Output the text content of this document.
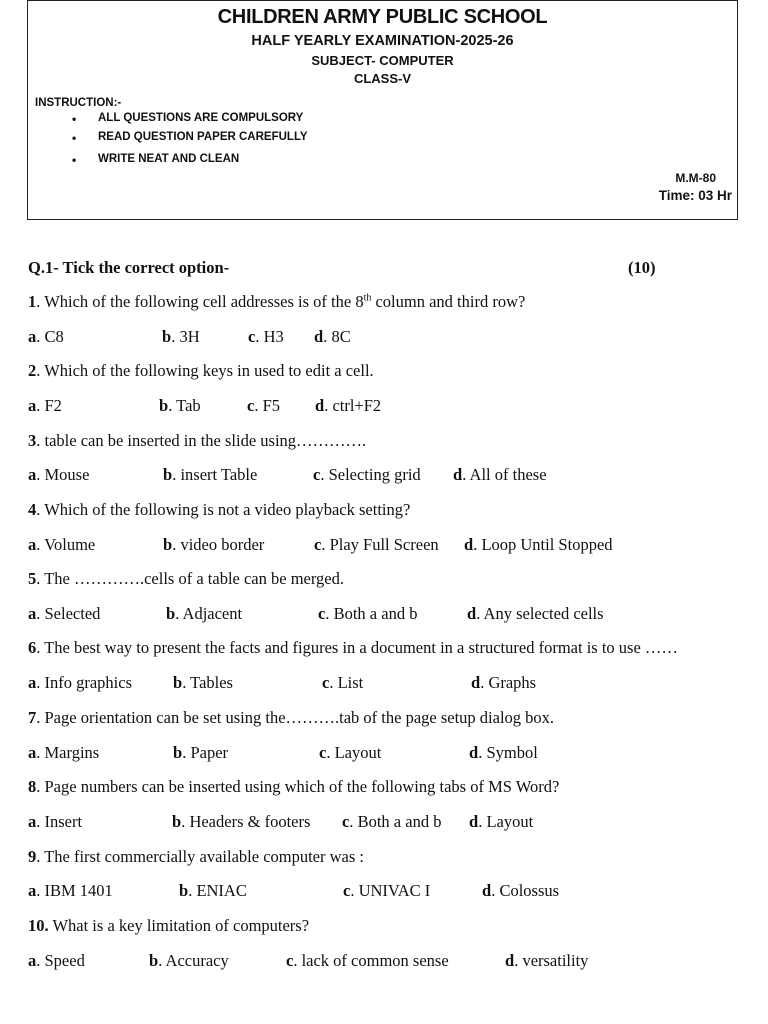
CHILDREN ARMY PUBLIC SCHOOL
HALF YEARLY EXAMINATION-2025-26
SUBJECT- COMPUTER
CLASS-V
INSTRUCTION:-
• ALL QUESTIONS ARE COMPULSORY
• READ QUESTION PAPER CAREFULLY
• WRITE NEAT AND CLEAN
M.M-80
Time: 03 Hr
Q.1- Tick the correct option-	(10)
1. Which of the following cell addresses is of the 8th column and third row?
a. C8	b. 3H	c. H3 d. 8C
2. Which of the following keys in used to edit a cell.
a. F2	b. Tab	c. F5 d. ctrl+F2
3. table can be inserted in the slide using………….
a. Mouse	b. insert Table	c. Selecting grid d. All of these
4. Which of the following is not a video playback setting?
a. Volume	b. video border	c. Play Full Screen d. Loop Until Stopped
5. The ………….cells of a table can be merged.
a. Selected	b. Adjacent	c. Both a and b	d. Any selected cells
6. The best way to present the facts and figures in a document in a structured format is to use ……
a. Info graphics b. Tables	c. List	d. Graphs
7. Page orientation can be set using the……….tab of the page setup dialog box.
a. Margins	b. Paper	c. Layout	d. Symbol
8. Page numbers can be inserted using which of the following tabs of MS Word?
a. Insert	b. Headers & footers c. Both a and b d. Layout
9. The first commercially available computer was :
a. IBM 1401	b. ENIAC	c. UNIVAC I	d. Colossus
10. What is a key limitation of computers?
a. Speed	b. Accuracy	c. lack of common sense	d. versatility
